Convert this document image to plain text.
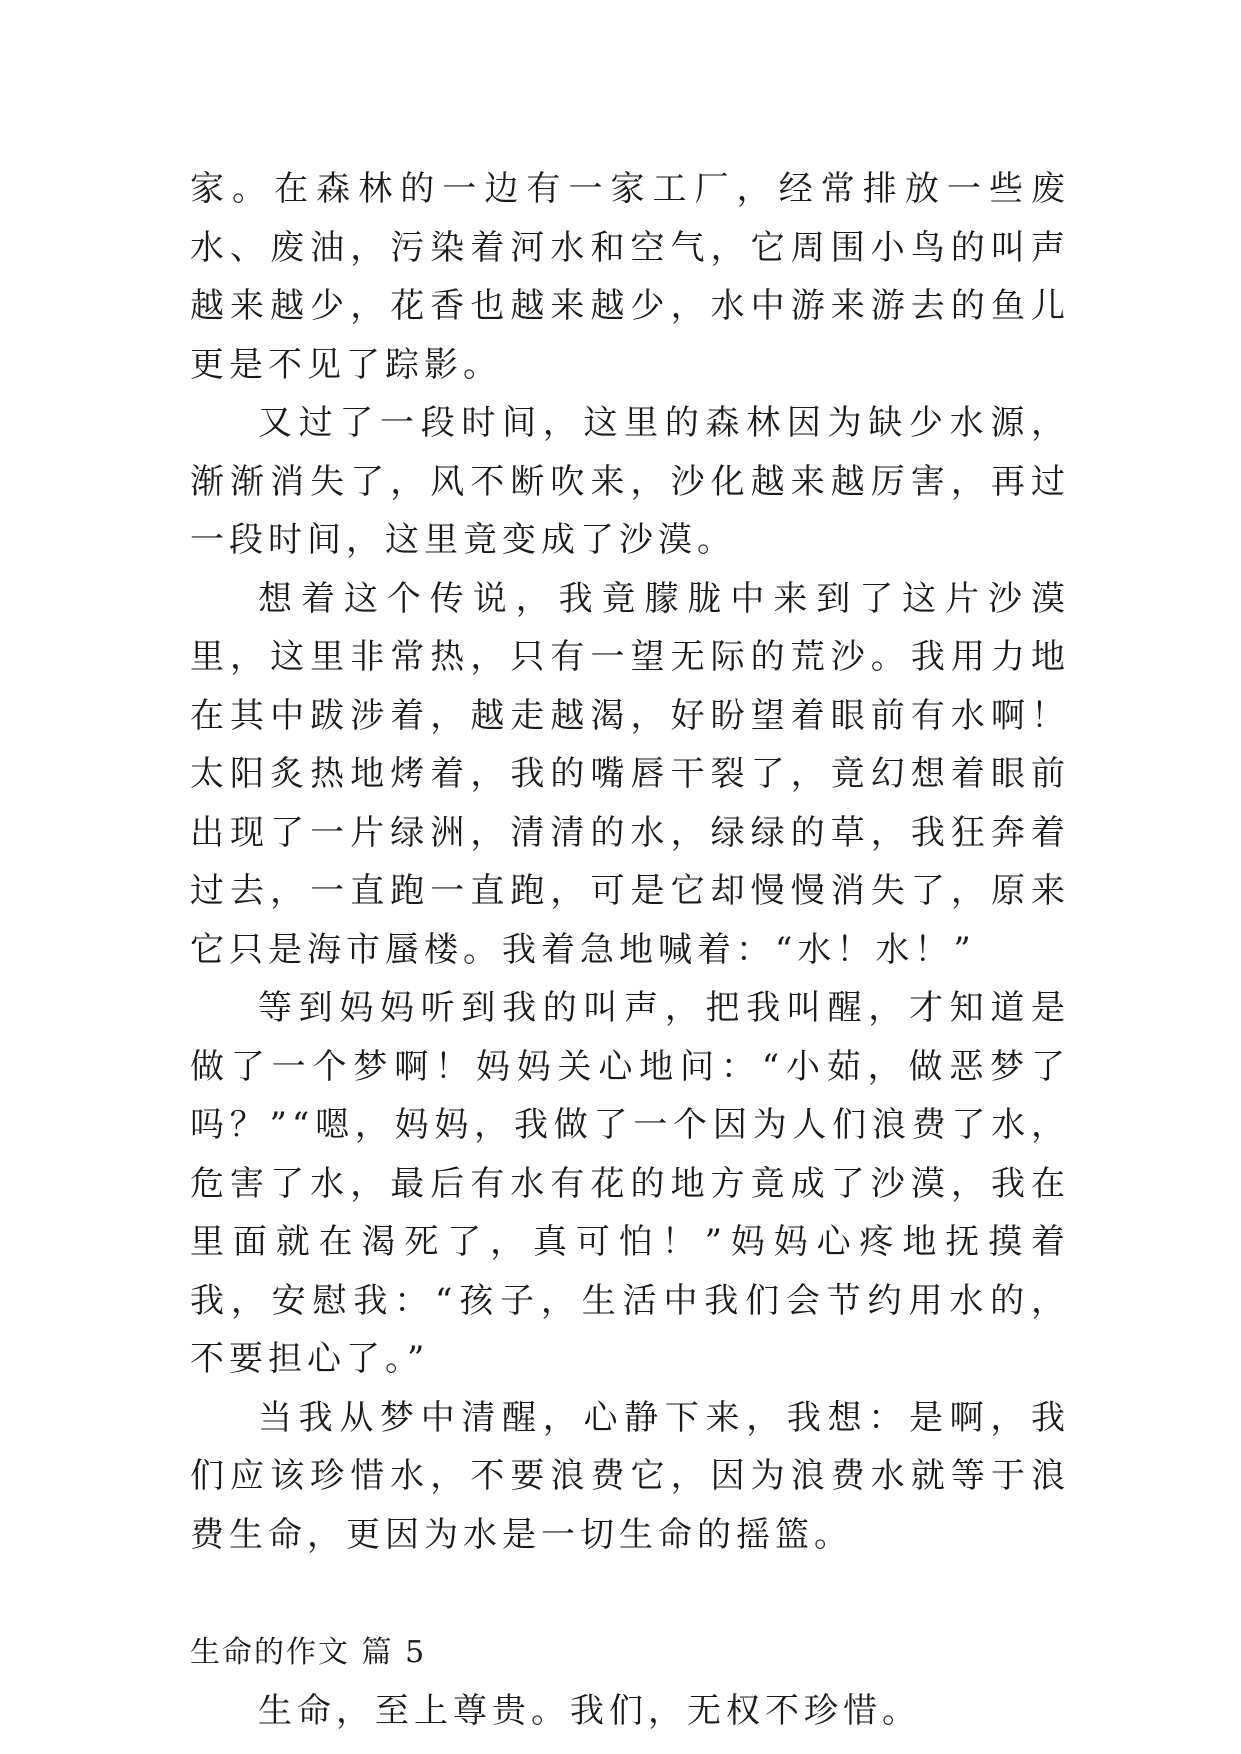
家。在森林的一边有一家工厂，经常排放一些废水、废油，污染着河水和空气，它周围小鸟的叫声越来越少，花香也越来越少，水中游来游去的鱼儿更是不见了踪影。

又过了一段时间，这里的森林因为缺少水源，渐渐消失了，风不断吹来，沙化越来越厉害，再过一段时间，这里竟变成了沙漠。

想着这个传说，我竟朦胧中来到了这片沙漠里，这里非常热，只有一望无际的荒沙。我用力地在其中跋涉着，越走越渴，好盼望着眼前有水啊！太阳炙热地烤着，我的嘴唇干裂了，竟幻想着眼前出现了一片绿洲，清清的水，绿绿的草，我狂奔着过去，一直跑一直跑，可是它却慢慢消失了，原来它只是海市蜃楼。我着急地喊着：“水！水！”

等到妈妈听到我的叫声，把我叫醒，才知道是做了一个梦啊！妈妈关心地问：“小茹，做恶梦了吗？”“嗯，妈妈，我做了一个因为人们浪费了水，危害了水，最后有水有花的地方竟成了沙漠，我在里面就在渴死了，真可怕！”妈妈心疼地抚摸着我，安慰我：“孩子，生活中我们会节约用水的，不要担心了。”

当我从梦中清醒，心静下来，我想：是啊，我们应该珍惜水，不要浪费它，因为浪费水就等于浪费生命，更因为水是一切生命的摇篮。

生命的作文 篇 5

生命，至上尊贵。我们，无权不珍惜。
